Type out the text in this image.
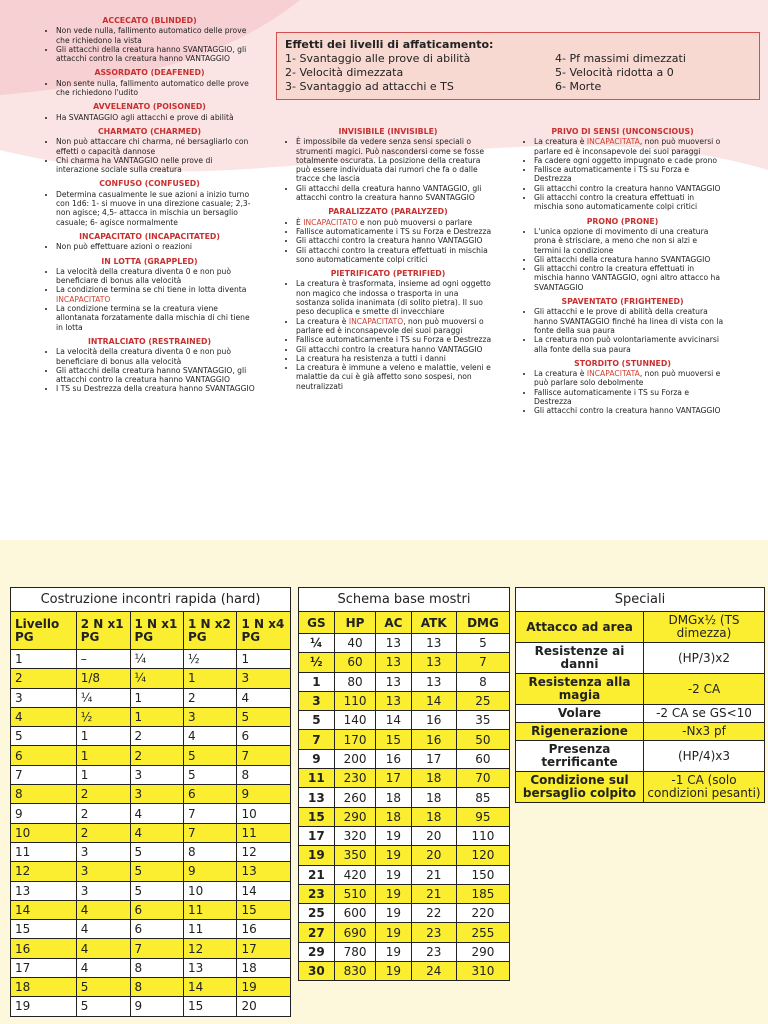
Effetti dei livelli di affaticamento:
1- Svantaggio alle prove di abilità	4- Pf massimi dimezzati
2- Velocità dimezzata	5- Velocità ridotta a 0
3- Svantaggio ad attacchi e TS	6- Morte
ACCECATO (BLINDED)
• Non vede nulla, fallimento automatico delle prove che richiedono la vista
• Gli attacchi della creatura hanno SVANTAGGIO, gli attacchi contro la creatura hanno VANTAGGIO
ASSORDATO (DEAFENED)
• Non sente nulla, fallimento automatico delle prove che richiedono l'udito
AVVELENATO (POISONED)
• Ha SVANTAGGIO agli attacchi e prove di abilità
CHARMATO (CHARMED)
• Non può attaccare chi charma, né bersagliarlo con effetti o capacità dannose
• Chi charma ha VANTAGGIO nelle prove di interazione sociale sulla creatura
CONFUSO (CONFUSED)
• Determina casualmente le sue azioni a inizio turno con 1d6: 1- si muove in una direzione casuale; 2,3- non agisce; 4,5- attacca in mischia un bersaglio casuale; 6- agisce normalmente
INCAPACITATO (INCAPACITATED)
• Non può effettuare azioni o reazioni
IN LOTTA (GRAPPLED)
• La velocità della creatura diventa 0 e non può beneficiare di bonus alla velocità
• La condizione termina se chi tiene in lotta diventa INCAPACITATO
• La condizione termina se la creatura viene allontanata forzatamente dalla mischia di chi tiene in lotta
INTRALCIATO (RESTRAINED)
• La velocità della creatura diventa 0 e non può beneficiare di bonus alla velocità
• Gli attacchi della creatura hanno SVANTAGGIO, gli attacchi contro la creatura hanno VANTAGGIO
• I TS su Destrezza della creatura hanno SVANTAGGIO
INVISIBILE (INVISIBLE)
• È impossibile da vedere senza sensi speciali o strumenti magici. Può nascondersi come se fosse totalmente oscurata. La posizione della creatura può essere individuata dai rumori che fa o dalle tracce che lascia
• Gli attacchi della creatura hanno VANTAGGIO, gli attacchi contro la creatura hanno SVANTAGGIO
PARALIZZATO (PARALYZED)
• È INCAPACITATO e non può muoversi o parlare
• Fallisce automaticamente i TS su Forza e Destrezza
• Gli attacchi contro la creatura hanno VANTAGGIO
• Gli attacchi contro la creatura effettuati in mischia sono automaticamente colpi critici
PIETRIFICATO (PETRIFIED)
• La creatura è trasformata, insieme ad ogni oggetto non magico che indossa o trasporta in una sostanza solida inanimata (di solito pietra). Il suo peso decuplica e smette di invecchiare
• La creatura è INCAPACITATO, non può muoversi o parlare ed è inconsapevole dei suoi paraggi
• Fallisce automaticamente i TS su Forza e Destrezza
• Gli attacchi contro la creatura hanno VANTAGGIO
• La creatura ha resistenza a tutti i danni
• La creatura è immune a veleno e malattie, veleni e malattie da cui è già affetto sono sospesi, non neutralizzati
PRIVO DI SENSI (UNCONSCIOUS)
• La creatura è INCAPACITATA, non può muoversi o parlare ed è inconsapevole dei suoi paraggi
• Fa cadere ogni oggetto impugnato e cade prono
• Fallisce automaticamente i TS su Forza e Destrezza
• Gli attacchi contro la creatura hanno VANTAGGIO
• Gli attacchi contro la creatura effettuati in mischia sono automaticamente colpi critici
PRONO (PRONE)
• L'unica opzione di movimento di una creatura prona è strisciare, a meno che non si alzi e termini la condizione
• Gli attacchi della creatura hanno SVANTAGGIO
• Gli attacchi contro la creatura effettuati in mischia hanno VANTAGGIO, ogni altro attacco ha SVANTAGGIO
SPAVENTATO (FRIGHTENED)
• Gli attacchi e le prove di abilità della creatura hanno SVANTAGGIO finché ha linea di vista con la fonte della sua paura
• La creatura non può volontariamente avvicinarsi alla fonte della sua paura
STORDITO (STUNNED)
• La creatura è INCAPACITATA, non può muoversi e può parlare solo debolmente
• Fallisce automaticamente i TS su Forza e Destrezza
• Gli attacchi contro la creatura hanno VANTAGGIO
Costruzione incontri rapida (hard)				
Livello PG	2 N x1 PG	1 N x1 PG	1 N x2 PG	1 N x4 PG
1	–	¼	½	1
2	1/8	¼	1	3
3	¼	1	2	4
4	½	1	3	5
5	1	2	4	6
6	1	2	5	7
7	1	3	5	8
8	2	3	6	9
9	2	4	7	10
10	2	4	7	11
11	3	5	8	12
12	3	5	9	13
13	3	5	10	14
14	4	6	11	15
15	4	6	11	16
16	4	7	12	17
17	4	8	13	18
18	5	8	14	19
19	5	9	15	20
Schema base mostri				
GS	HP	AC	ATK	DMG
¼	40	13	13	5
½	60	13	13	7
1	80	13	13	8
3	110	13	14	25
5	140	14	16	35
7	170	15	16	50
9	200	16	17	60
11	230	17	18	70
13	260	18	18	85
15	290	18	18	95
17	320	19	20	110
19	350	19	20	120
21	420	19	21	150
23	510	19	21	185
25	600	19	22	220
27	690	19	23	255
29	780	19	23	290
30	830	19	24	310
Speciali	
Attacco ad area	DMGx½ (TS dimezza)
Resistenze ai danni	(HP/3)x2
Resistenza alla magia	-2 CA
Volare	-2 CA se GS<10
Rigenerazione	-Nx3 pf
Presenza terrificante	(HP/4)x3
Condizione sul bersaglio colpito	-1 CA (solo condizioni pesanti)
